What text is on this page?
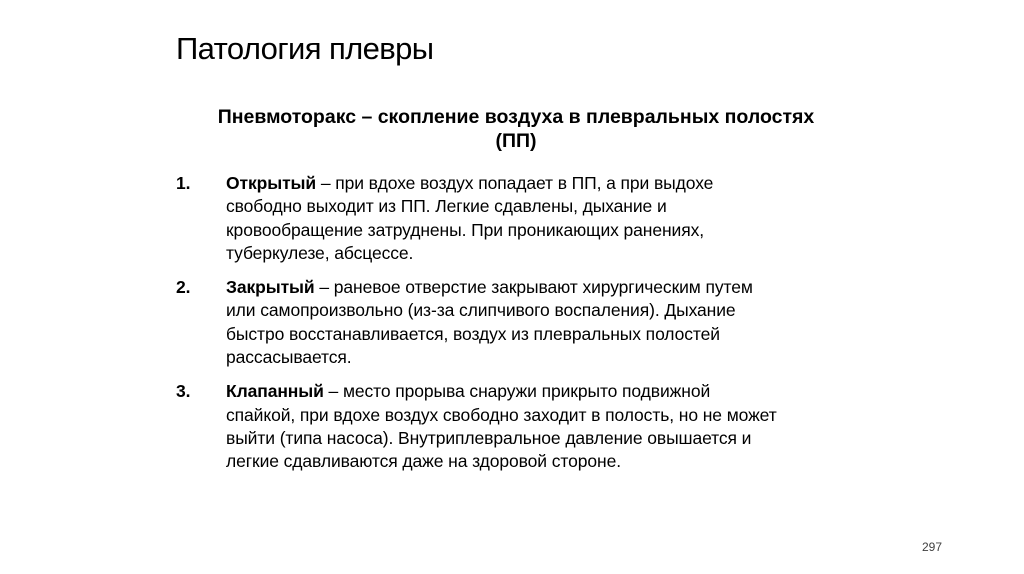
Патология плевры
Пневмоторакс – скопление воздуха в плевральных полостях
(ПП)
1. Открытый – при вдохе воздух попадает в ПП, а при выдохе
свободно выходит из ПП. Легкие сдавлены, дыхание и
кровообращение затруднены. При проникающих ранениях,
туберкулезе, абсцессе.
2. Закрытый – раневое отверстие закрывают хирургическим путем
или самопроизвольно (из-за слипчивого воспаления). Дыхание
быстро восстанавливается, воздух из плевральных полостей
рассасывается.
3. Клапанный – место прорыва снаружи прикрыто подвижной
спайкой, при вдохе воздух свободно заходит в полость, но не может
выйти (типа насоса). Внутриплевральное давление овышается и
легкие сдавливаются даже на здоровой стороне.
297
